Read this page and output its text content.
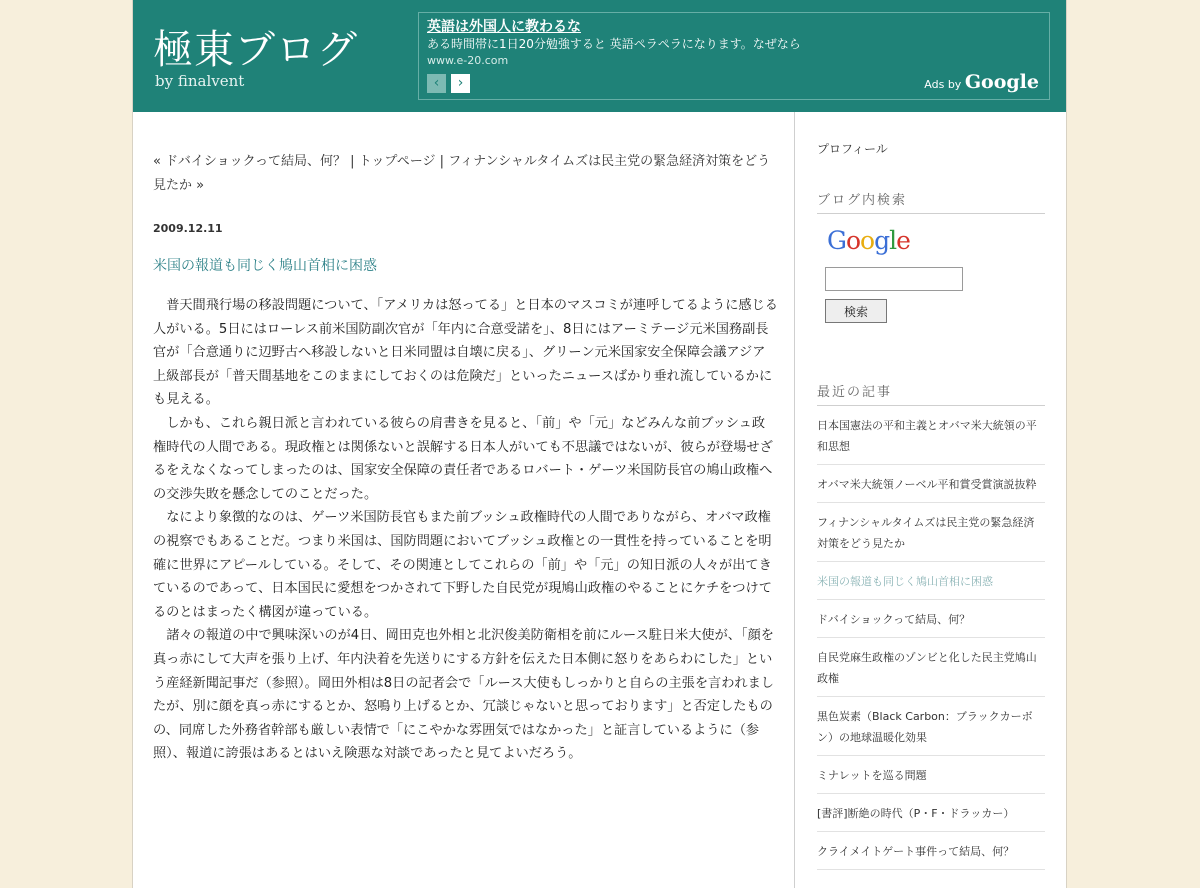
極東ブログ
by finalvent
英語は外国人に教わるな
ある時間帯に1日20分勉強すると 英語ペラペラになります。なぜなら
www.e-20.com
‹	›	Ads by Google

« ドバイショックって結局、何？ | トップページ | フィナンシャルタイムズは民主党の緊急経済対策をどう見たか »

2009.12.11
米国の報道も同じく鳩山首相に困惑

普天間飛行場の移設問題について、「アメリカは怒ってる」と日本のマスコミが連呼してるように感じる人がいる。5日にはローレス前米国防副次官が「年内に合意受諾を」、8日にはアーミテージ元米国務副長官が「合意通りに辺野古へ移設しないと日米同盟は自壊に戻る」、グリーン元米国家安全保障会議アジア上級部長が「普天間基地をこのままにしておくのは危険だ」といったニュースばかり垂れ流しているかにも見える。

しかも、これら親日派と言われている彼らの肩書きを見ると、「前」や「元」などみんな前ブッシュ政権時代の人間である。現政権とは関係ないと誤解する日本人がいても不思議ではないが、彼らが登場せざるをえなくなってしまったのは、国家安全保障の責任者であるロバート・ゲーツ米国防長官の鳩山政権への交渉失敗を懸念してのことだった。

なにより象徴的なのは、ゲーツ米国防長官もまた前ブッシュ政権時代の人間でありながら、オバマ政権の視察でもあることだ。つまり米国は、国防問題においてブッシュ政権との一貫性を持っていることを明確に世界にアピールしている。そして、その関連としてこれらの「前」や「元」の知日派の人々が出てきているのであって、日本国民に愛想をつかされて下野した自民党が現鳩山政権のやることにケチをつけてるのとはまったく構図が違っている。

諸々の報道の中で興味深いのが4日、岡田克也外相と北沢俊美防衛相を前にルース駐日米大使が、「顔を真っ赤にして大声を張り上げ、年内決着を先送りにする方針を伝えた日本側に怒りをあらわにした」という産経新聞記事だ（参照）。岡田外相は8日の記者会で「ルース大使もしっかりと自らの主張を言われましたが、別に顔を真っ赤にするとか、怒鳴り上げるとか、冗談じゃないと思っております」と否定したものの、同席した外務省幹部も厳しい表情で「にこやかな雰囲気ではなかった」と証言しているように（参照）、報道に誇張はあるとはいえ険悪な対談であったと見てよいだろう。

プロフィール
ブログ内検索
Google
検索
最近の記事
日本国憲法の平和主義とオバマ米大統領の平和思想
オバマ米大統領ノーベル平和賞受賞演説抜粋
フィナンシャルタイムズは民主党の緊急経済対策をどう見たか
米国の報道も同じく鳩山首相に困惑
ドバイショックって結局、何？
自民党麻生政権のゾンビと化した民主党鳩山政権
黒色炭素（Black Carbon：ブラックカーボン）の地球温暖化効果
ミナレットを巡る問題
[書評]断絶の時代（P・F・ドラッカー）
クライメイトゲート事件って結局、何？
